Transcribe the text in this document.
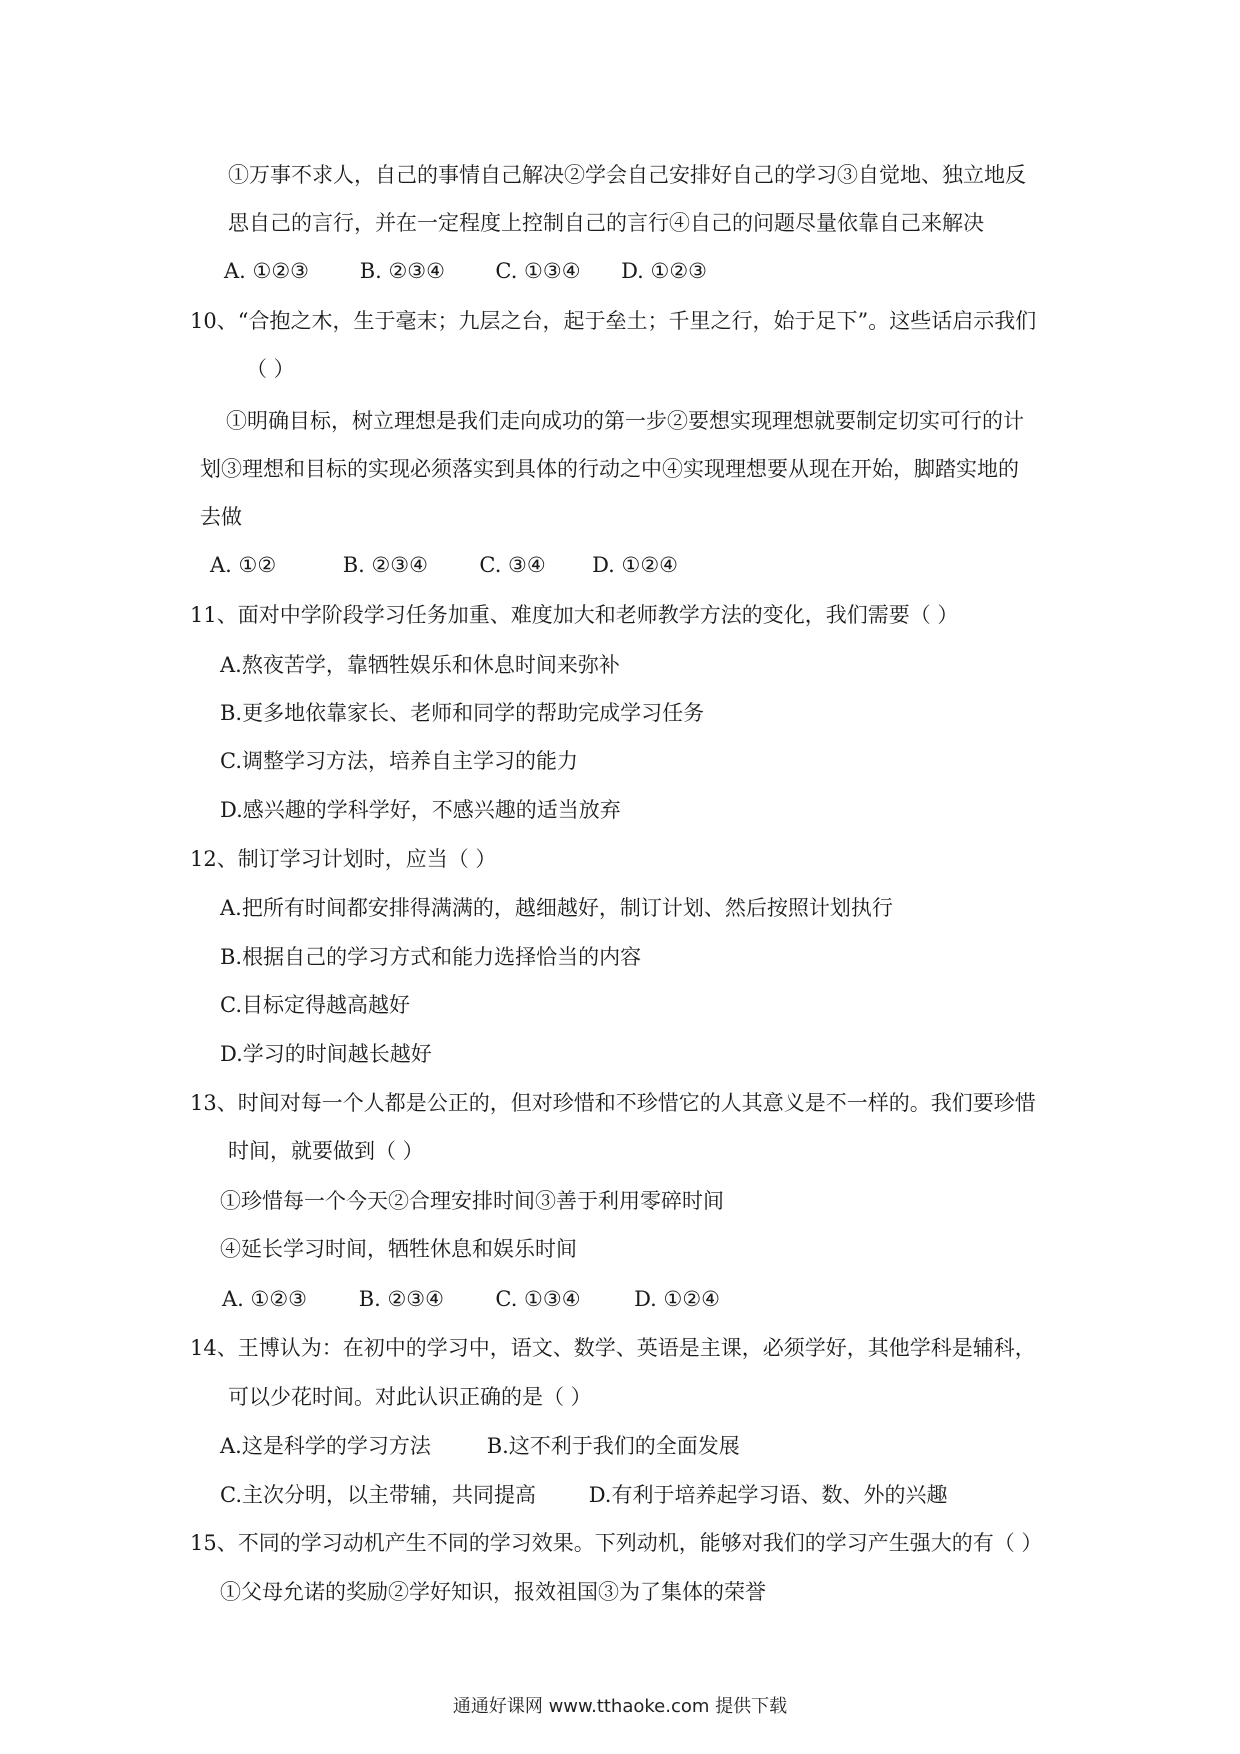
①万事不求人，自己的事情自己解决②学会自己安排好自己的学习③自觉地、独立地反
思自己的言行，并在一定程度上控制自己的言行④自己的问题尽量依靠自己来解决
A. ①②③ B. ②③④ C. ①③④ D. ①②③
10、“合抱之木，生于毫末；九层之台，起于垒土；千里之行，始于足下”。这些话启示我们
（ ）
①明确目标，树立理想是我们走向成功的第一步②要想实现理想就要制定切实可行的计
划③理想和目标的实现必须落实到具体的行动之中④实现理想要从现在开始，脚踏实地的
去做
A. ①②	B. ②③④ C. ③④ D. ①②④
11、面对中学阶段学习任务加重、难度加大和老师教学方法的变化，我们需要（ ）
A.熬夜苦学，靠牺牲娱乐和休息时间来弥补
B.更多地依靠家长、老师和同学的帮助完成学习任务
C.调整学习方法，培养自主学习的能力
D.感兴趣的学科学好，不感兴趣的适当放弃
12、制订学习计划时，应当（ ）
A.把所有时间都安排得满满的，越细越好，制订计划、然后按照计划执行
B.根据自己的学习方式和能力选择恰当的内容
C.目标定得越高越好
D.学习的时间越长越好
13、时间对每一个人都是公正的，但对珍惜和不珍惜它的人其意义是不一样的。我们要珍惜
时间，就要做到（ ）
①珍惜每一个今天②合理安排时间③善于利用零碎时间
④延长学习时间，牺牲休息和娱乐时间
A. ①②③ B. ②③④ C. ①③④	D. ①②④
14、王博认为：在初中的学习中，语文、数学、英语是主课，必须学好，其他学科是辅科，
可以少花时间。对此认识正确的是（ ）
A.这是科学的学习方法	B.这不利于我们的全面发展
C.主次分明，以主带辅，共同提高	D.有利于培养起学习语、数、外的兴趣
15、不同的学习动机产生不同的学习效果。下列动机，能够对我们的学习产生强大的有（ ）
①父母允诺的奖励②学好知识，报效祖国③为了集体的荣誉
通通好课网 www.tthaoke.com 提供下载
